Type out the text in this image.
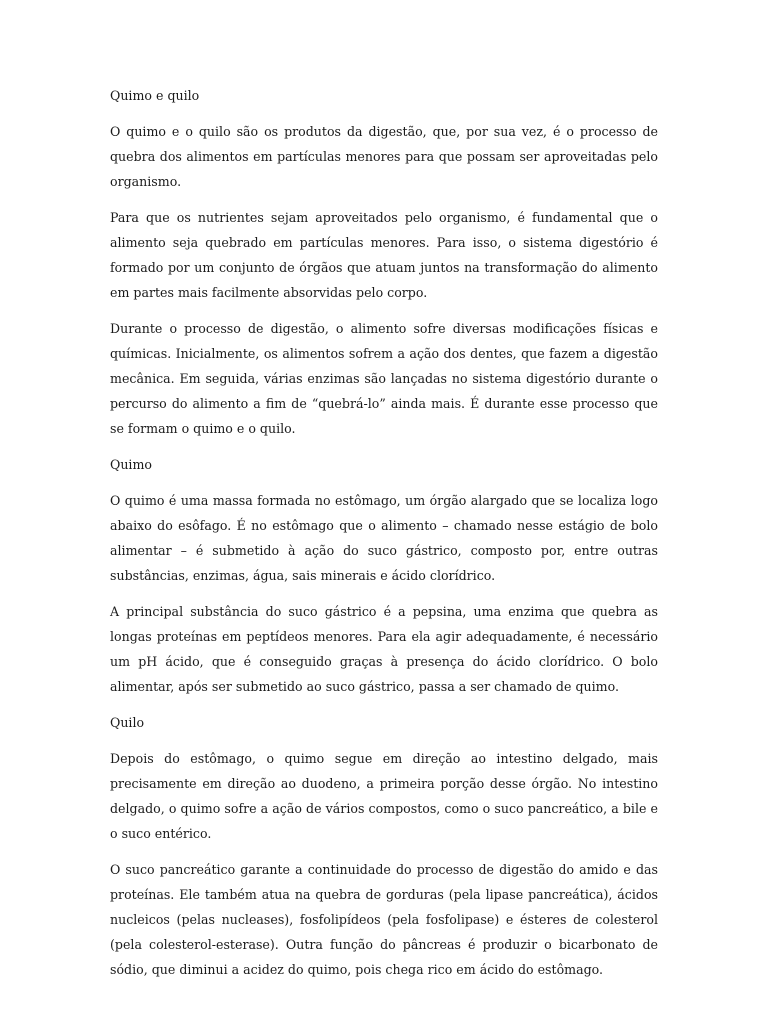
Quimo e quilo

O quimo e o quilo são os produtos da digestão, que, por sua vez, é o processo de quebra dos alimentos em partículas menores para que possam ser aproveitadas pelo organismo.

Para que os nutrientes sejam aproveitados pelo organismo, é fundamental que o alimento seja quebrado em partículas menores. Para isso, o sistema digestório é formado por um conjunto de órgãos que atuam juntos na transformação do alimento em partes mais facilmente absorvidas pelo corpo.

Durante o processo de digestão, o alimento sofre diversas modificações físicas e químicas. Inicialmente, os alimentos sofrem a ação dos dentes, que fazem a digestão mecânica. Em seguida, várias enzimas são lançadas no sistema digestório durante o percurso do alimento a fim de “quebrá-lo” ainda mais. É durante esse processo que se formam o quimo e o quilo.

Quimo

O quimo é uma massa formada no estômago, um órgão alargado que se localiza logo abaixo do esôfago. É no estômago que o alimento – chamado nesse estágio de bolo alimentar – é submetido à ação do suco gástrico, composto por, entre outras substâncias, enzimas, água, sais minerais e ácido clorídrico.

A principal substância do suco gástrico é a pepsina, uma enzima que quebra as longas proteínas em peptídeos menores. Para ela agir adequadamente, é necessário um pH ácido, que é conseguido graças à presença do ácido clorídrico. O bolo alimentar, após ser submetido ao suco gástrico, passa a ser chamado de quimo.

Quilo

Depois do estômago, o quimo segue em direção ao intestino delgado, mais precisamente em direção ao duodeno, a primeira porção desse órgão. No intestino delgado, o quimo sofre a ação de vários compostos, como o suco pancreático, a bile e o suco entérico.

O suco pancreático garante a continuidade do processo de digestão do amido e das proteínas. Ele também atua na quebra de gorduras (pela lipase pancreática), ácidos nucleicos (pelas nucleases), fosfolipídeos (pela fosfolipase) e ésteres de colesterol (pela colesterol-esterase). Outra função do pâncreas é produzir o bicarbonato de sódio, que diminui a acidez do quimo, pois chega rico em ácido do estômago.
